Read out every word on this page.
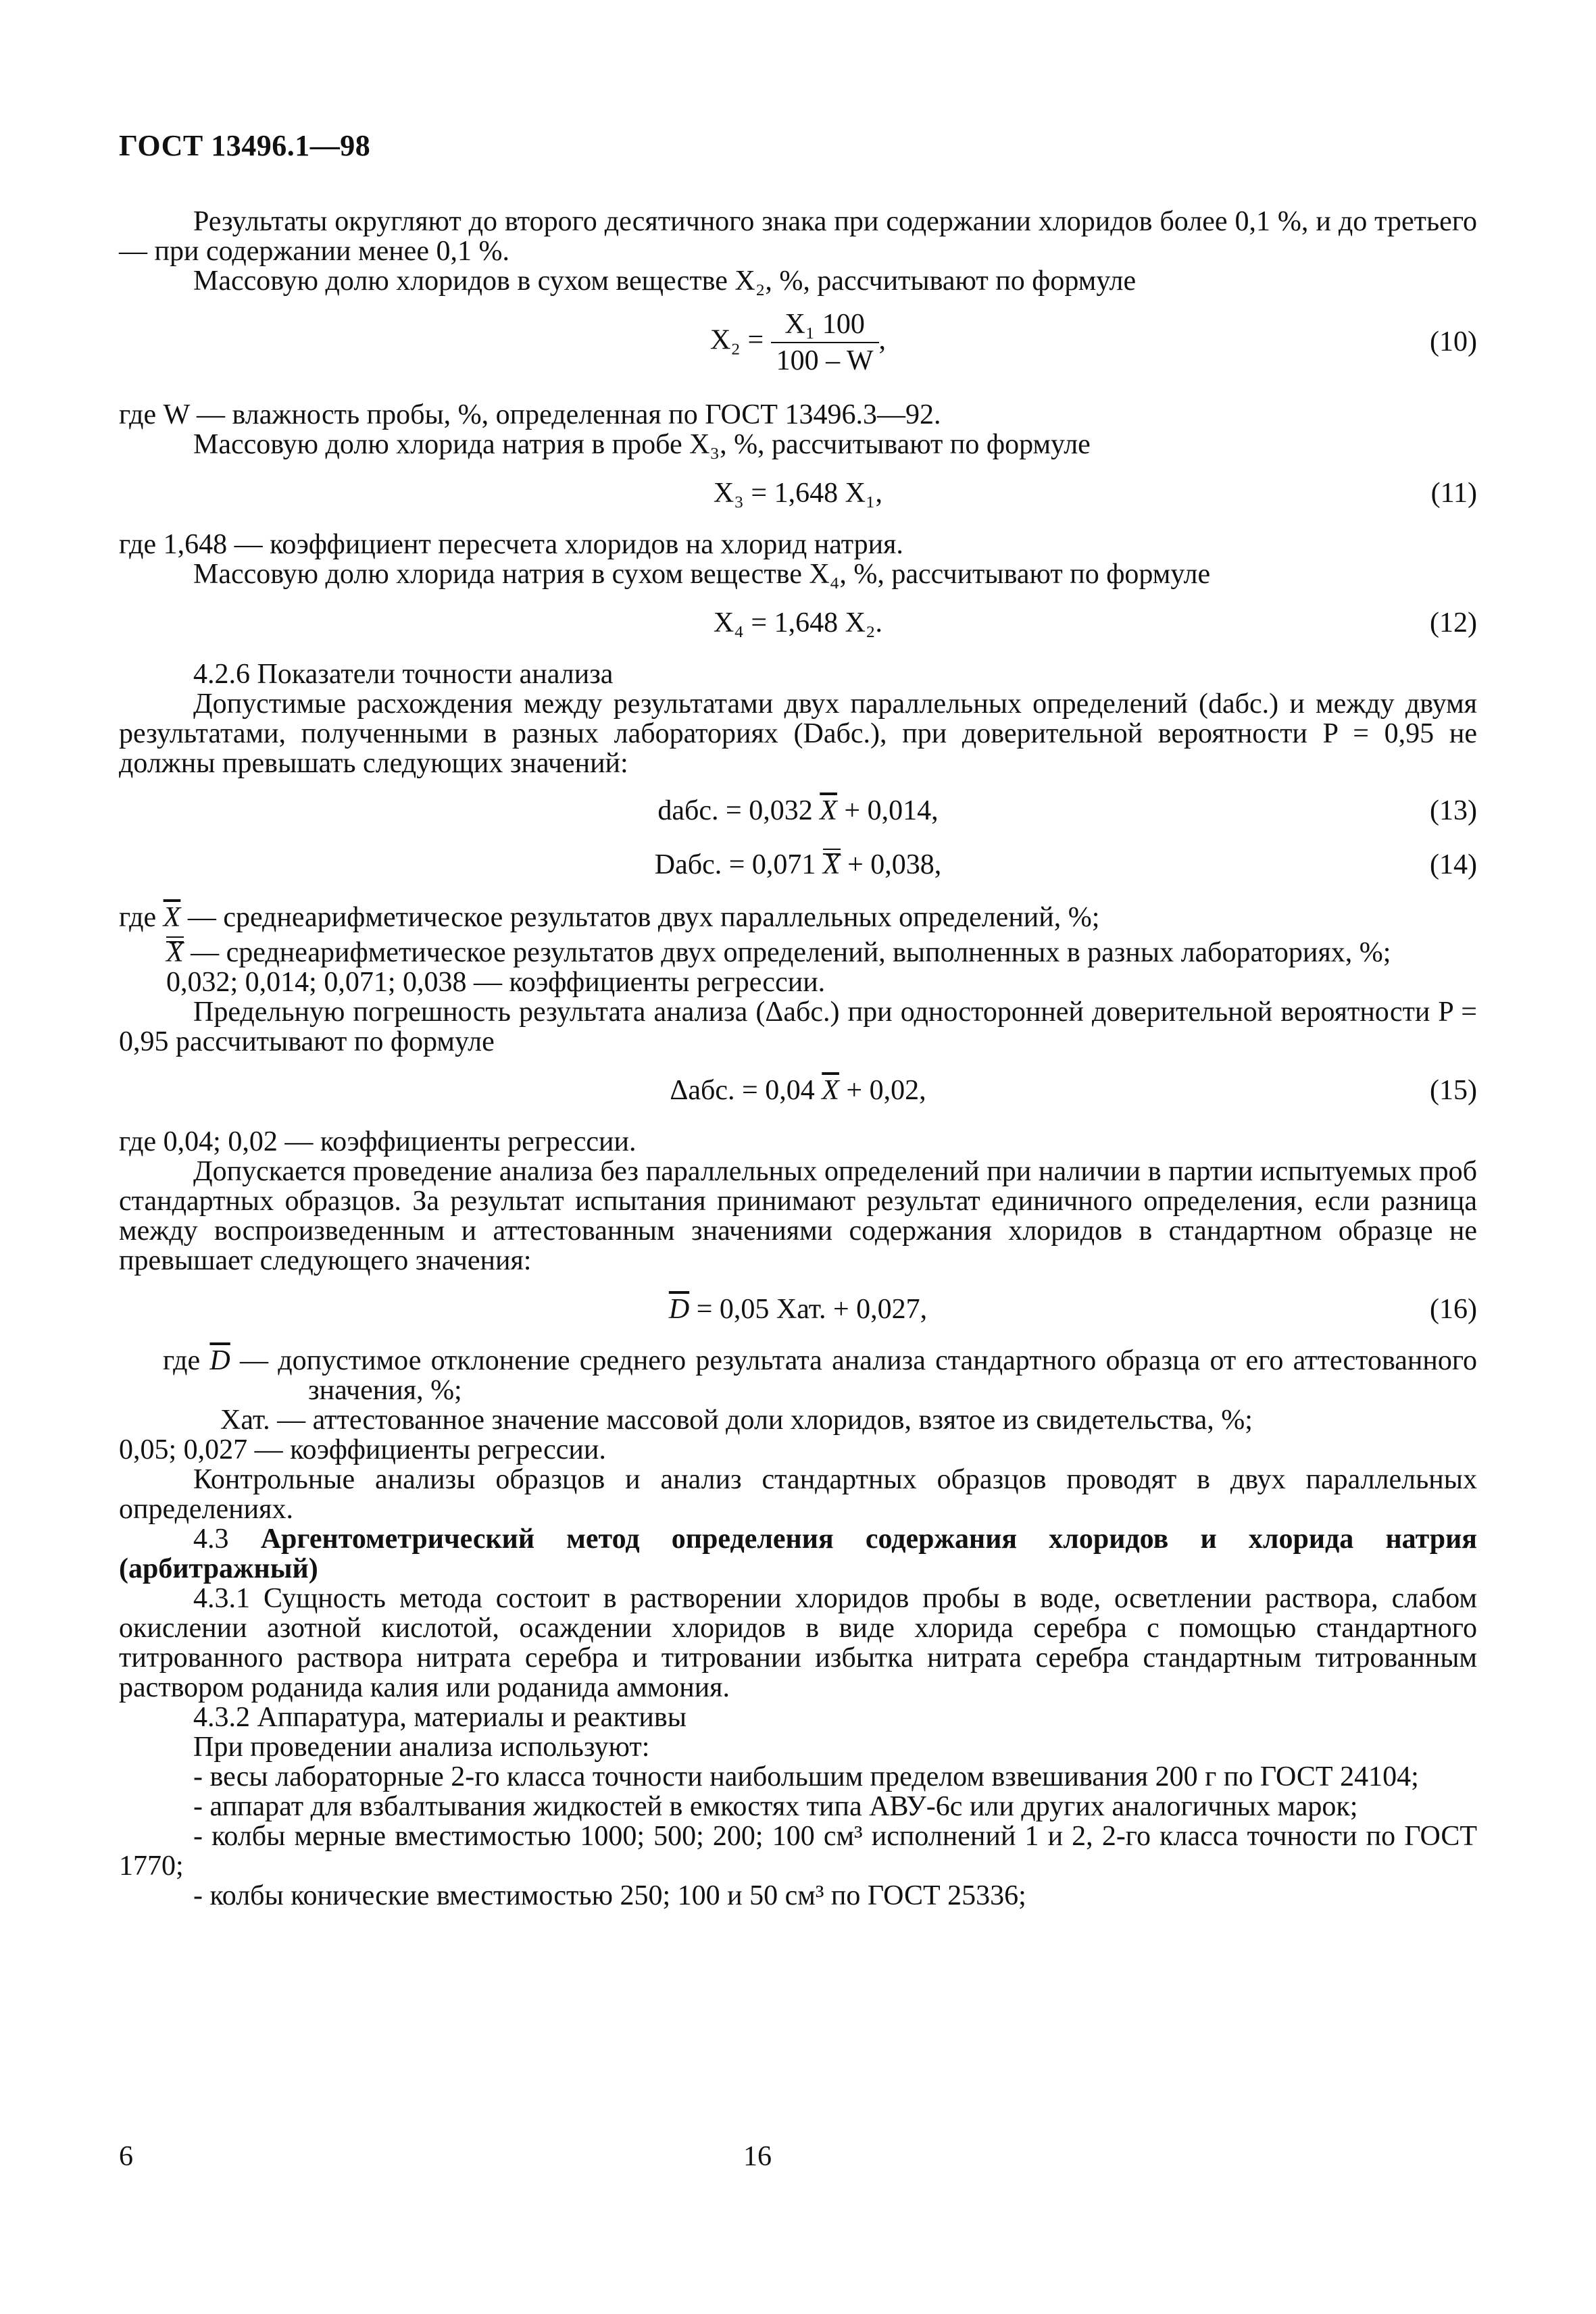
ГОСТ 13496.1—98

Результаты округляют до второго десятичного знака при содержании хлоридов более 0,1 %, и до третьего — при содержании менее 0,1 %.

Массовую долю хлоридов в сухом веществе X₂, %, рассчитывают по формуле

$X_2 = \frac{\text{X₁ 100}}{100 - W}$ ,	(10)

где W — влажность пробы, %, определенная по ГОСТ 13496.3—92.

Массовую долю хлорида натрия в пробе X₃, %, рассчитывают по формуле

X₃ = 1,648 X₁,	(11)

где 1,648 — коэффициент пересчета хлоридов на хлорид натрия.

Массовую долю хлорида натрия в сухом веществе X₄, %, рассчитывают по формуле

X₄ = 1,648 X₂.	(12)

4.2.6 Показатели точности анализа

Допустимые расхождения между результатами двух параллельных определений (dабс.) и между двумя результатами, полученными в разных лабораториях (Dабс.), при доверительной вероятности P = 0,95 не должны превышать следующих значений:

dабс. = 0,032 $\overline{X} + 0,014$,	(13)
Dабс. = 0,071 X + 0,038,	(14)

где $\overline{X}$ — среднеарифметическое результатов двух параллельных определений, %;

X — среднеарифметическое результатов двух определений, выполненных в разных лабораториях, %;

0,032; 0,014; 0,071; 0,038 — коэффициенты регрессии.

Предельную погрешность результата анализа (Δабс.) при односторонней доверительной вероятности P = 0,95 рассчитывают по формуле

Δабс. = 0,04 $\overline{X} + 0,02$,	(15)

где 0,04; 0,02 — коэффициенты регрессии.

Допускается проведение анализа без параллельных определений при наличии в партии испытуемых проб стандартных образцов. За результат испытания принимают результат единичного определения, если разница между воспроизведенным и аттестованным значениями содержания хлоридов в стандартном образце не превышает следующего значения:

$\overline{D} = 0,05$ Xат. + 0,027,	(16)

где $\overline{D}$ — допустимое отклонение среднего результата анализа стандартного образца от его аттестованного значения, %;

Xат. — аттестованное значение массовой доли хлоридов, взятое из свидетельства, %;

0,05; 0,027 — коэффициенты регрессии.

Контрольные анализы образцов и анализ стандартных образцов проводят в двух параллельных определениях.

4.3 Аргентометрический метод определения содержания хлоридов и хлорида натрия (арбитражный)

4.3.1 Сущность метода состоит в растворении хлоридов пробы в воде, осветлении раствора, слабом окислении азотной кислотой, осаждении хлоридов в виде хлорида серебра с помощью стандартного титрованного раствора нитрата серебра и титровании избытка нитрата серебра стандартным титрованным раствором роданида калия или роданида аммония.

4.3.2 Аппаратура, материалы и реактивы

При проведении анализа используют:

- весы лабораторные 2-го класса точности наибольшим пределом взвешивания 200 г по ГОСТ 24104;

- аппарат для взбалтывания жидкостей в емкостях типа АВУ-6с или других аналогичных марок;

- колбы мерные вместимостью 1000; 500; 200; 100 см³ исполнений 1 и 2, 2-го класса точности по ГОСТ 1770;

- колбы конические вместимостью 250; 100 и 50 см³ по ГОСТ 25336;

6	16
